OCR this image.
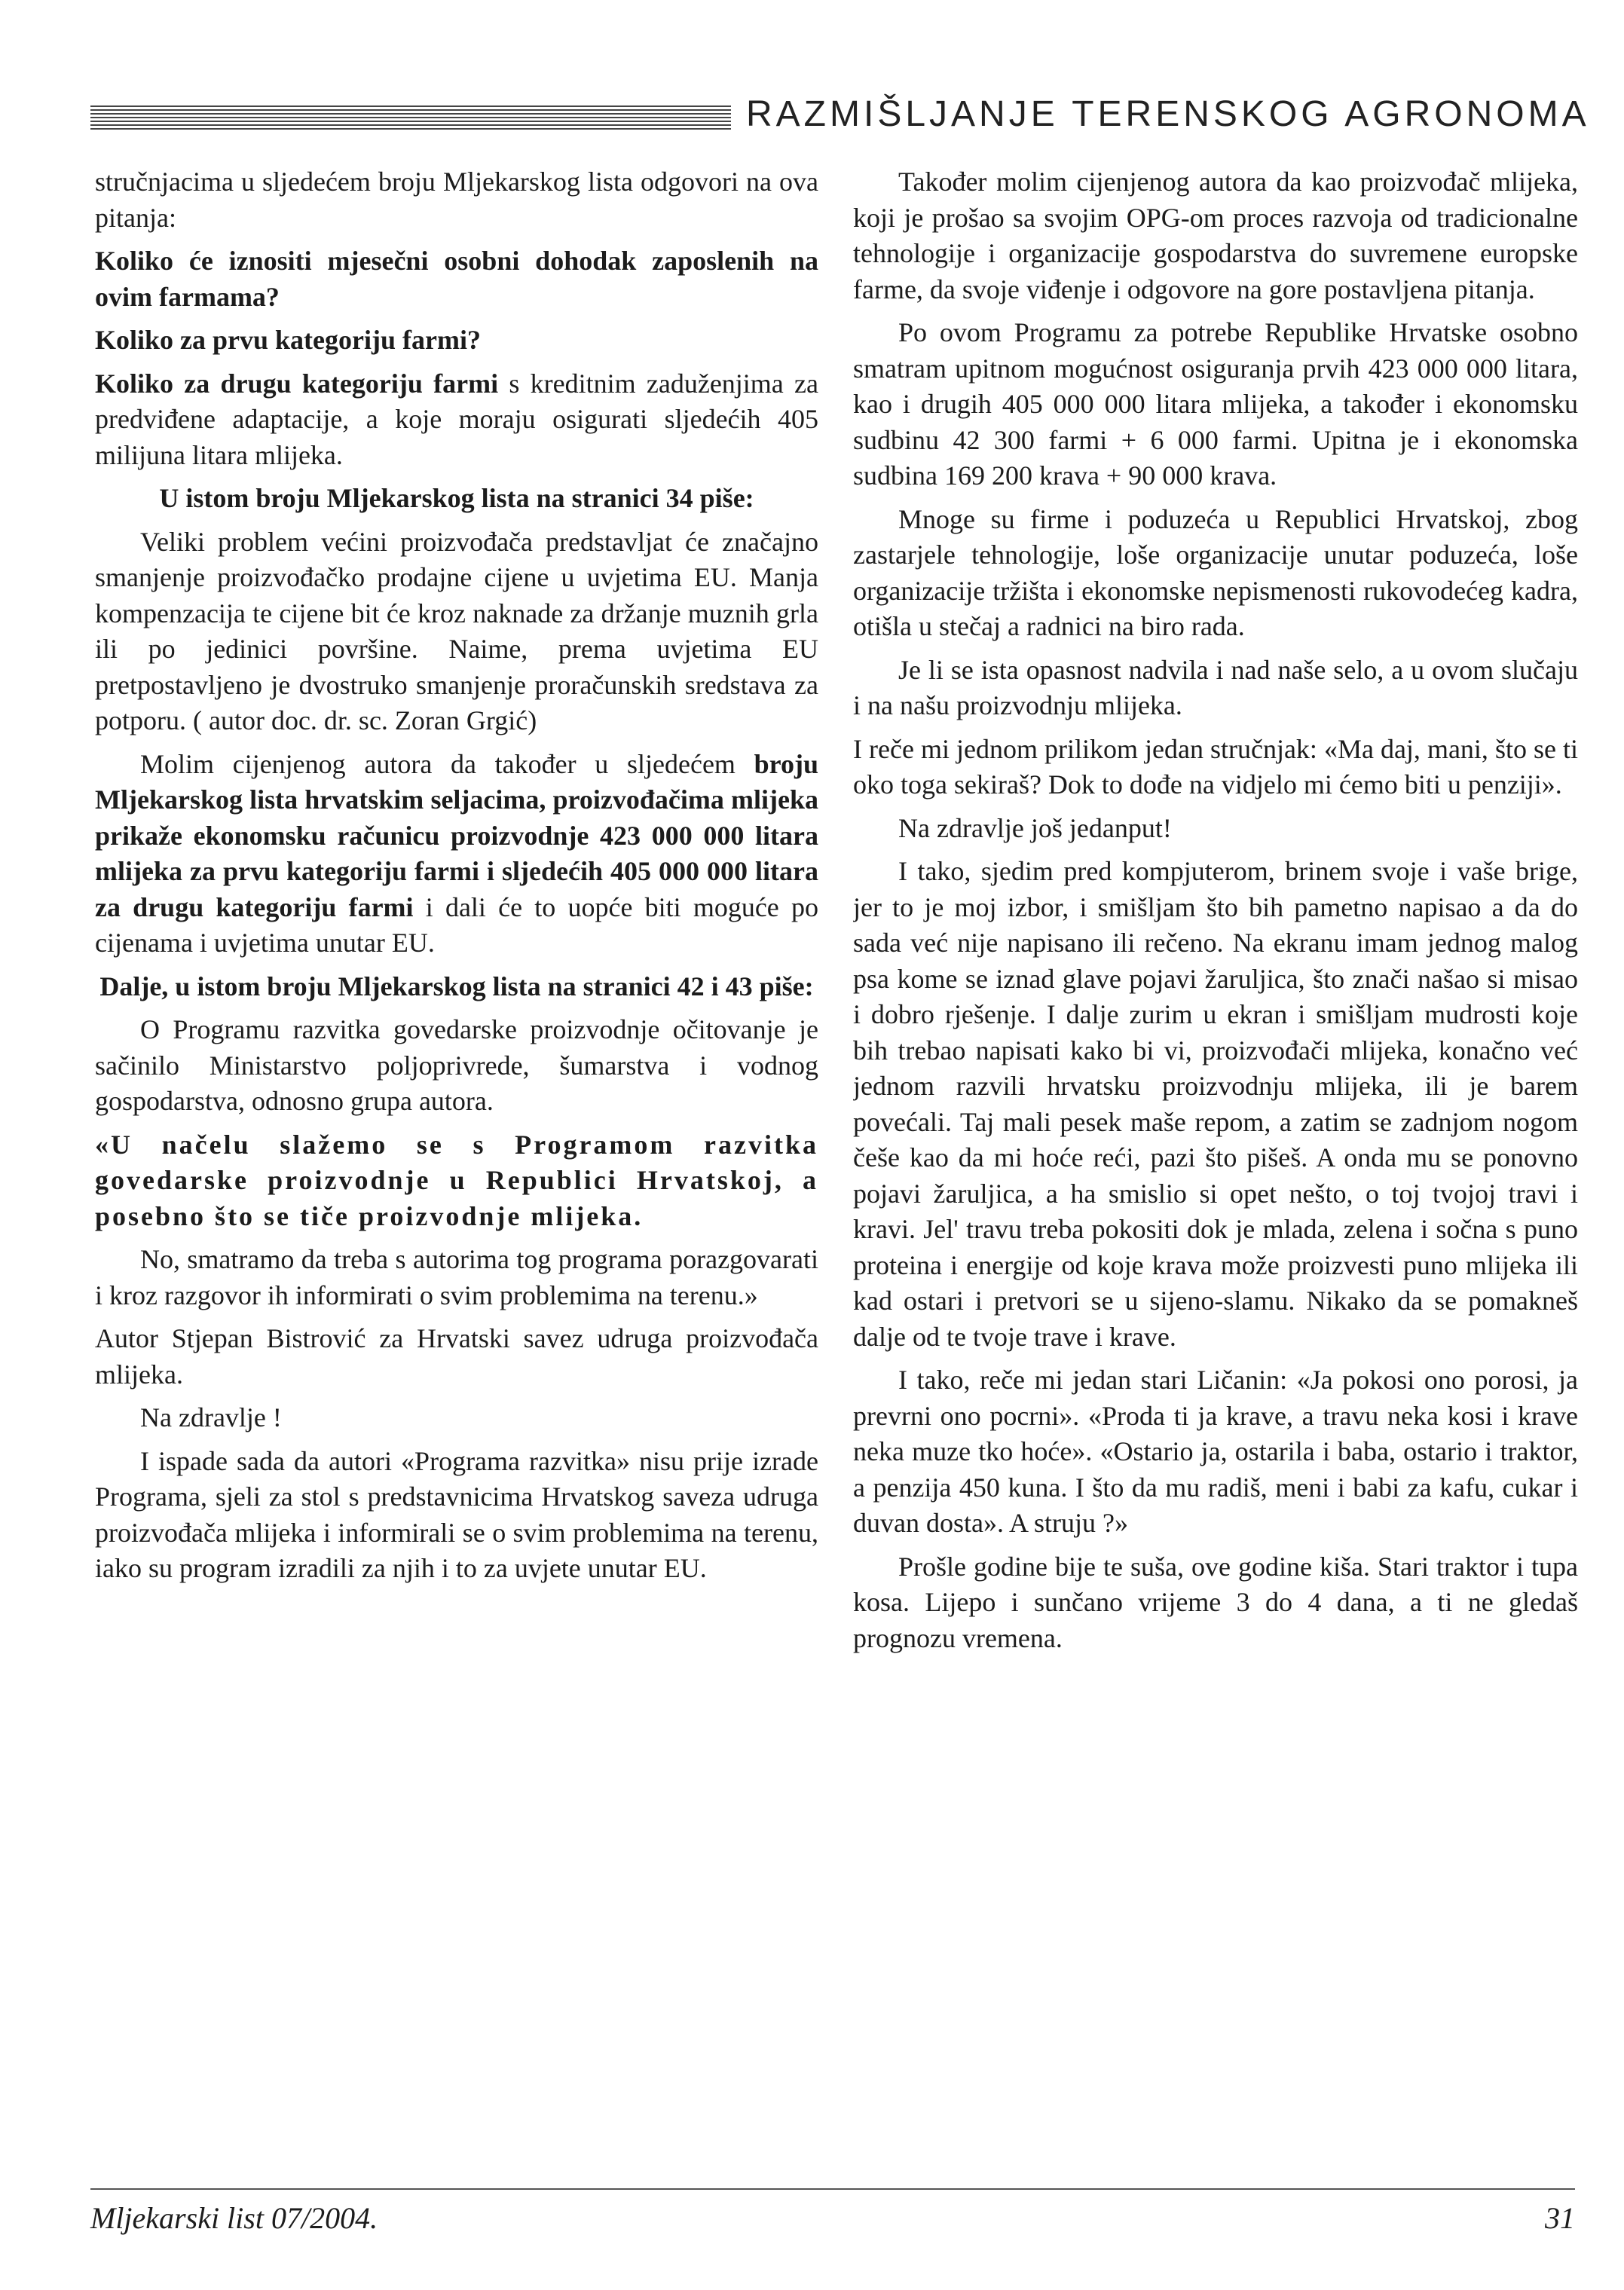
RAZMIŠLJANJE TERENSKOG AGRONOMA

stručnjacima u sljedećem broju Mljekarskog lista odgovori na ova pitanja:

Koliko će iznositi mjesečni osobni dohodak zaposlenih na ovim farmama?

Koliko za prvu kategoriju farmi?

Koliko za drugu kategoriju farmi s kreditnim zaduženjima za predviđene adaptacije, a koje moraju osigurati sljedećih 405 milijuna litara mlijeka.

U istom broju Mljekarskog lista na stranici 34 piše:

Veliki problem većini proizvođača predstavljat će značajno smanjenje proizvođačko prodajne cijene u uvjetima EU. Manja kompenzacija te cijene bit će kroz naknade za držanje muznih grla ili po jedinici površine. Naime, prema uvjetima EU pretpostavljeno je dvostruko smanjenje proračunskih sredstava za potporu. ( autor doc. dr. sc. Zoran Grgić)

Molim cijenjenog autora da također u sljedećem broju Mljekarskog lista hrvatskim seljacima, proizvođačima mlijeka prikaže ekonomsku računicu proizvodnje 423 000 000 litara mlijeka za prvu kategoriju farmi i sljedećih 405 000 000 litara za drugu kategoriju farmi i dali će to uopće biti moguće po cijenama i uvjetima unutar EU.

Dalje, u istom broju Mljekarskog lista na stranici 42 i 43 piše:

O Programu razvitka govedarske proizvodnje očitovanje je sačinilo Ministarstvo poljoprivrede, šumarstva i vodnog gospodarstva, odnosno grupa autora.

«U načelu slažemo se s Programom razvitka govedarske proizvodnje u Republici Hrvatskoj, a posebno što se tiče proizvodnje mlijeka.

No, smatramo da treba s autorima tog programa porazgovarati i kroz razgovor ih informirati o svim problemima na terenu.»

Autor Stjepan Bistrović za Hrvatski savez udruga proizvođača mlijeka.

Na zdravlje !

I ispade sada da autori «Programa razvitka» nisu prije izrade Programa, sjeli za stol s predstavnicima Hrvatskog saveza udruga proizvođača mlijeka i informirali se o svim problemima na terenu, iako su program izradili za njih i to za uvjete unutar EU.

Također molim cijenjenog autora da kao proizvođač mlijeka, koji je prošao sa svojim OPG-om proces razvoja od tradicionalne tehnologije i organizacije gospodarstva do suvremene europske farme, da svoje viđenje i odgovore na gore postavljena pitanja.

Po ovom Programu za potrebe Republike Hrvatske osobno smatram upitnom mogućnost osiguranja prvih 423 000 000 litara, kao i drugih 405 000 000 litara mlijeka, a također i ekonomsku sudbinu 42 300 farmi + 6 000 farmi. Upitna je i ekonomska sudbina 169 200 krava + 90 000 krava.

Mnoge su firme i poduzeća u Republici Hrvatskoj, zbog zastarjele tehnologije, loše organizacije unutar poduzeća, loše organizacije tržišta i ekonomske nepismenosti rukovodećeg kadra, otišla u stečaj a radnici na biro rada.

Je li se ista opasnost nadvila i nad naše selo, a u ovom slučaju i na našu proizvodnju mlijeka.

I reče mi jednom prilikom jedan stručnjak: «Ma daj, mani, što se ti oko toga sekiraš? Dok to dođe na vidjelo mi ćemo biti u penziji».

Na zdravlje još jedanput!

I tako, sjedim pred kompjuterom, brinem svoje i vaše brige, jer to je moj izbor, i smišljam što bih pametno napisao a da do sada već nije napisano ili rečeno. Na ekranu imam jednog malog psa kome se iznad glave pojavi žaruljica, što znači našao si misao i dobro rješenje. I dalje zurim u ekran i smišljam mudrosti koje bih trebao napisati kako bi vi, proizvođači mlijeka, konačno već jednom razvili hrvatsku proizvodnju mlijeka, ili je barem povećali. Taj mali pesek maše repom, a zatim se zadnjom nogom češe kao da mi hoće reći, pazi što pišeš. A onda mu se ponovno pojavi žaruljica, a ha smislio si opet nešto, o toj tvojoj travi i kravi. Jel' travu treba pokositi dok je mlada, zelena i sočna s puno proteina i energije od koje krava može proizvesti puno mlijeka ili kad ostari i pretvori se u sijeno-slamu. Nikako da se pomakneš dalje od te tvoje trave i krave.

I tako, reče mi jedan stari Ličanin: «Ja pokosi ono porosi, ja prevrni ono pocrni». «Proda ti ja krave, a travu neka kosi i krave neka muze tko hoće». «Ostario ja, ostarila i baba, ostario i traktor, a penzija 450 kuna. I što da mu radiš, meni i babi za kafu, cukar i duvan dosta». A struju ?»

Prošle godine bije te suša, ove godine kiša. Stari traktor i tupa kosa. Lijepo i sunčano vrijeme 3 do 4 dana, a ti ne gledaš prognozu vremena.

Mljekarski list 07/2004.	31
